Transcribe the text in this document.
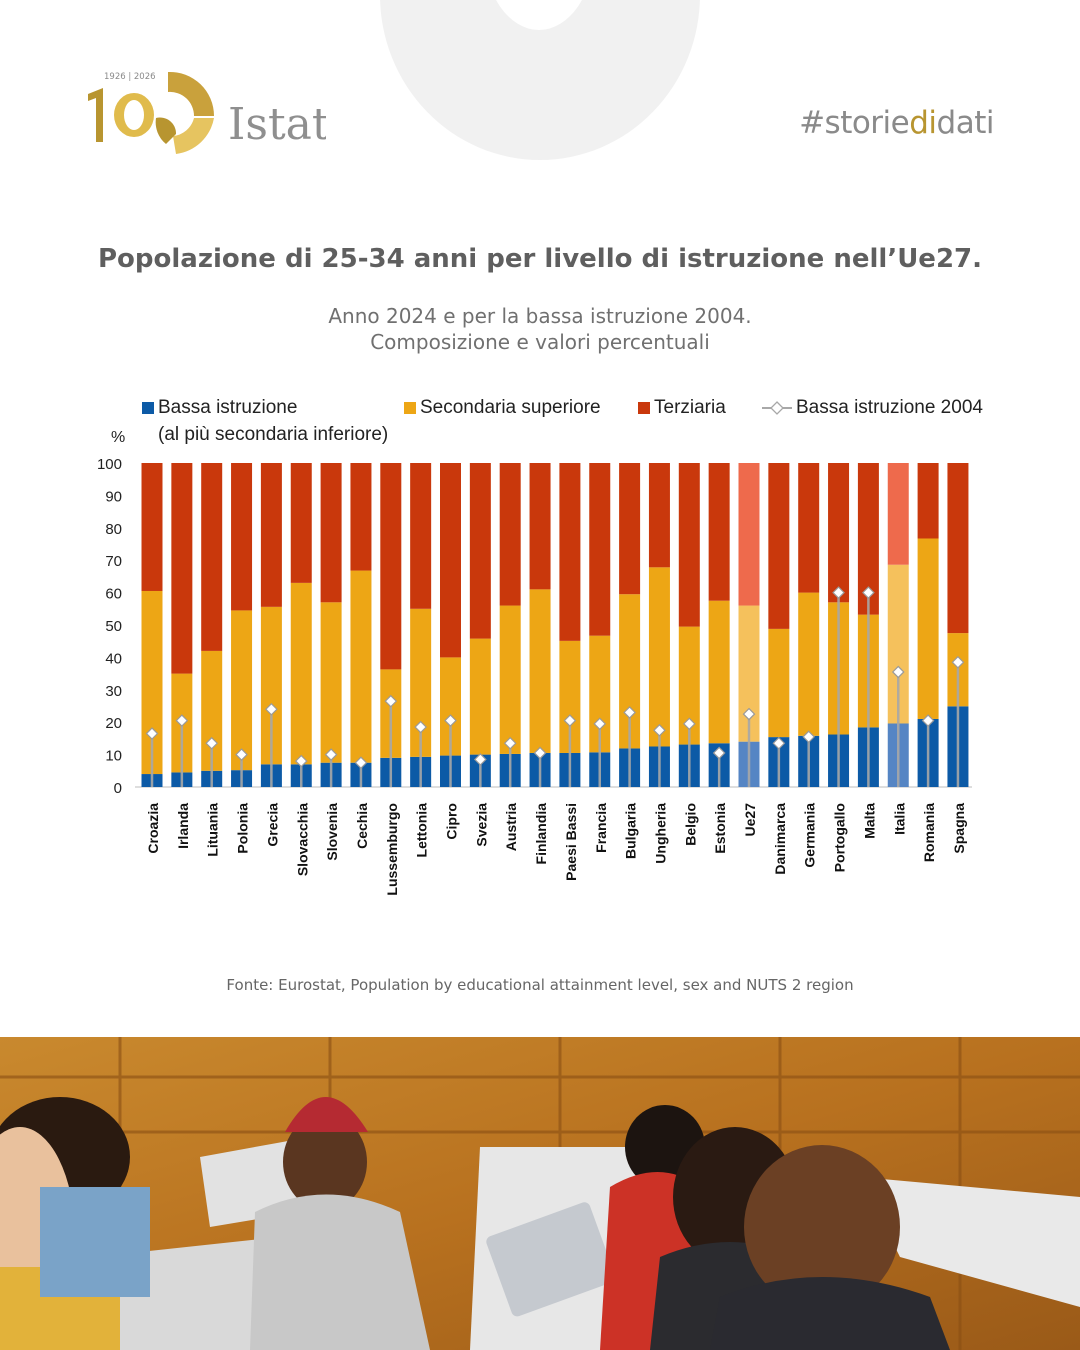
1926 | 2026
Istat	#storiedidati
Popolazione di 25-34 anni per livello di istruzione nell’Ue27.
Anno 2024 e per la bassa istruzione 2004.
Composizione e valori percentuali
Bassa istruzione
(al più secondaria inferiore)
Secondaria superiore	Terziaria	Bassa istruzione 2004
%
0
10
20
30
40
50
60
70
80
90
100
Croazia Irlanda Lituania Polonia Grecia Slovacchia Slovenia Cechia Lussemburgo Lettonia Cipro Svezia Austria Finlandia Paesi Bassi Francia Bulgaria Ungheria Belgio Estonia Ue27 Danimarca Germania Portogallo Malta Italia Romania Spagna
Fonte: Eurostat, Population by educational attainment level, sex and NUTS 2 region
